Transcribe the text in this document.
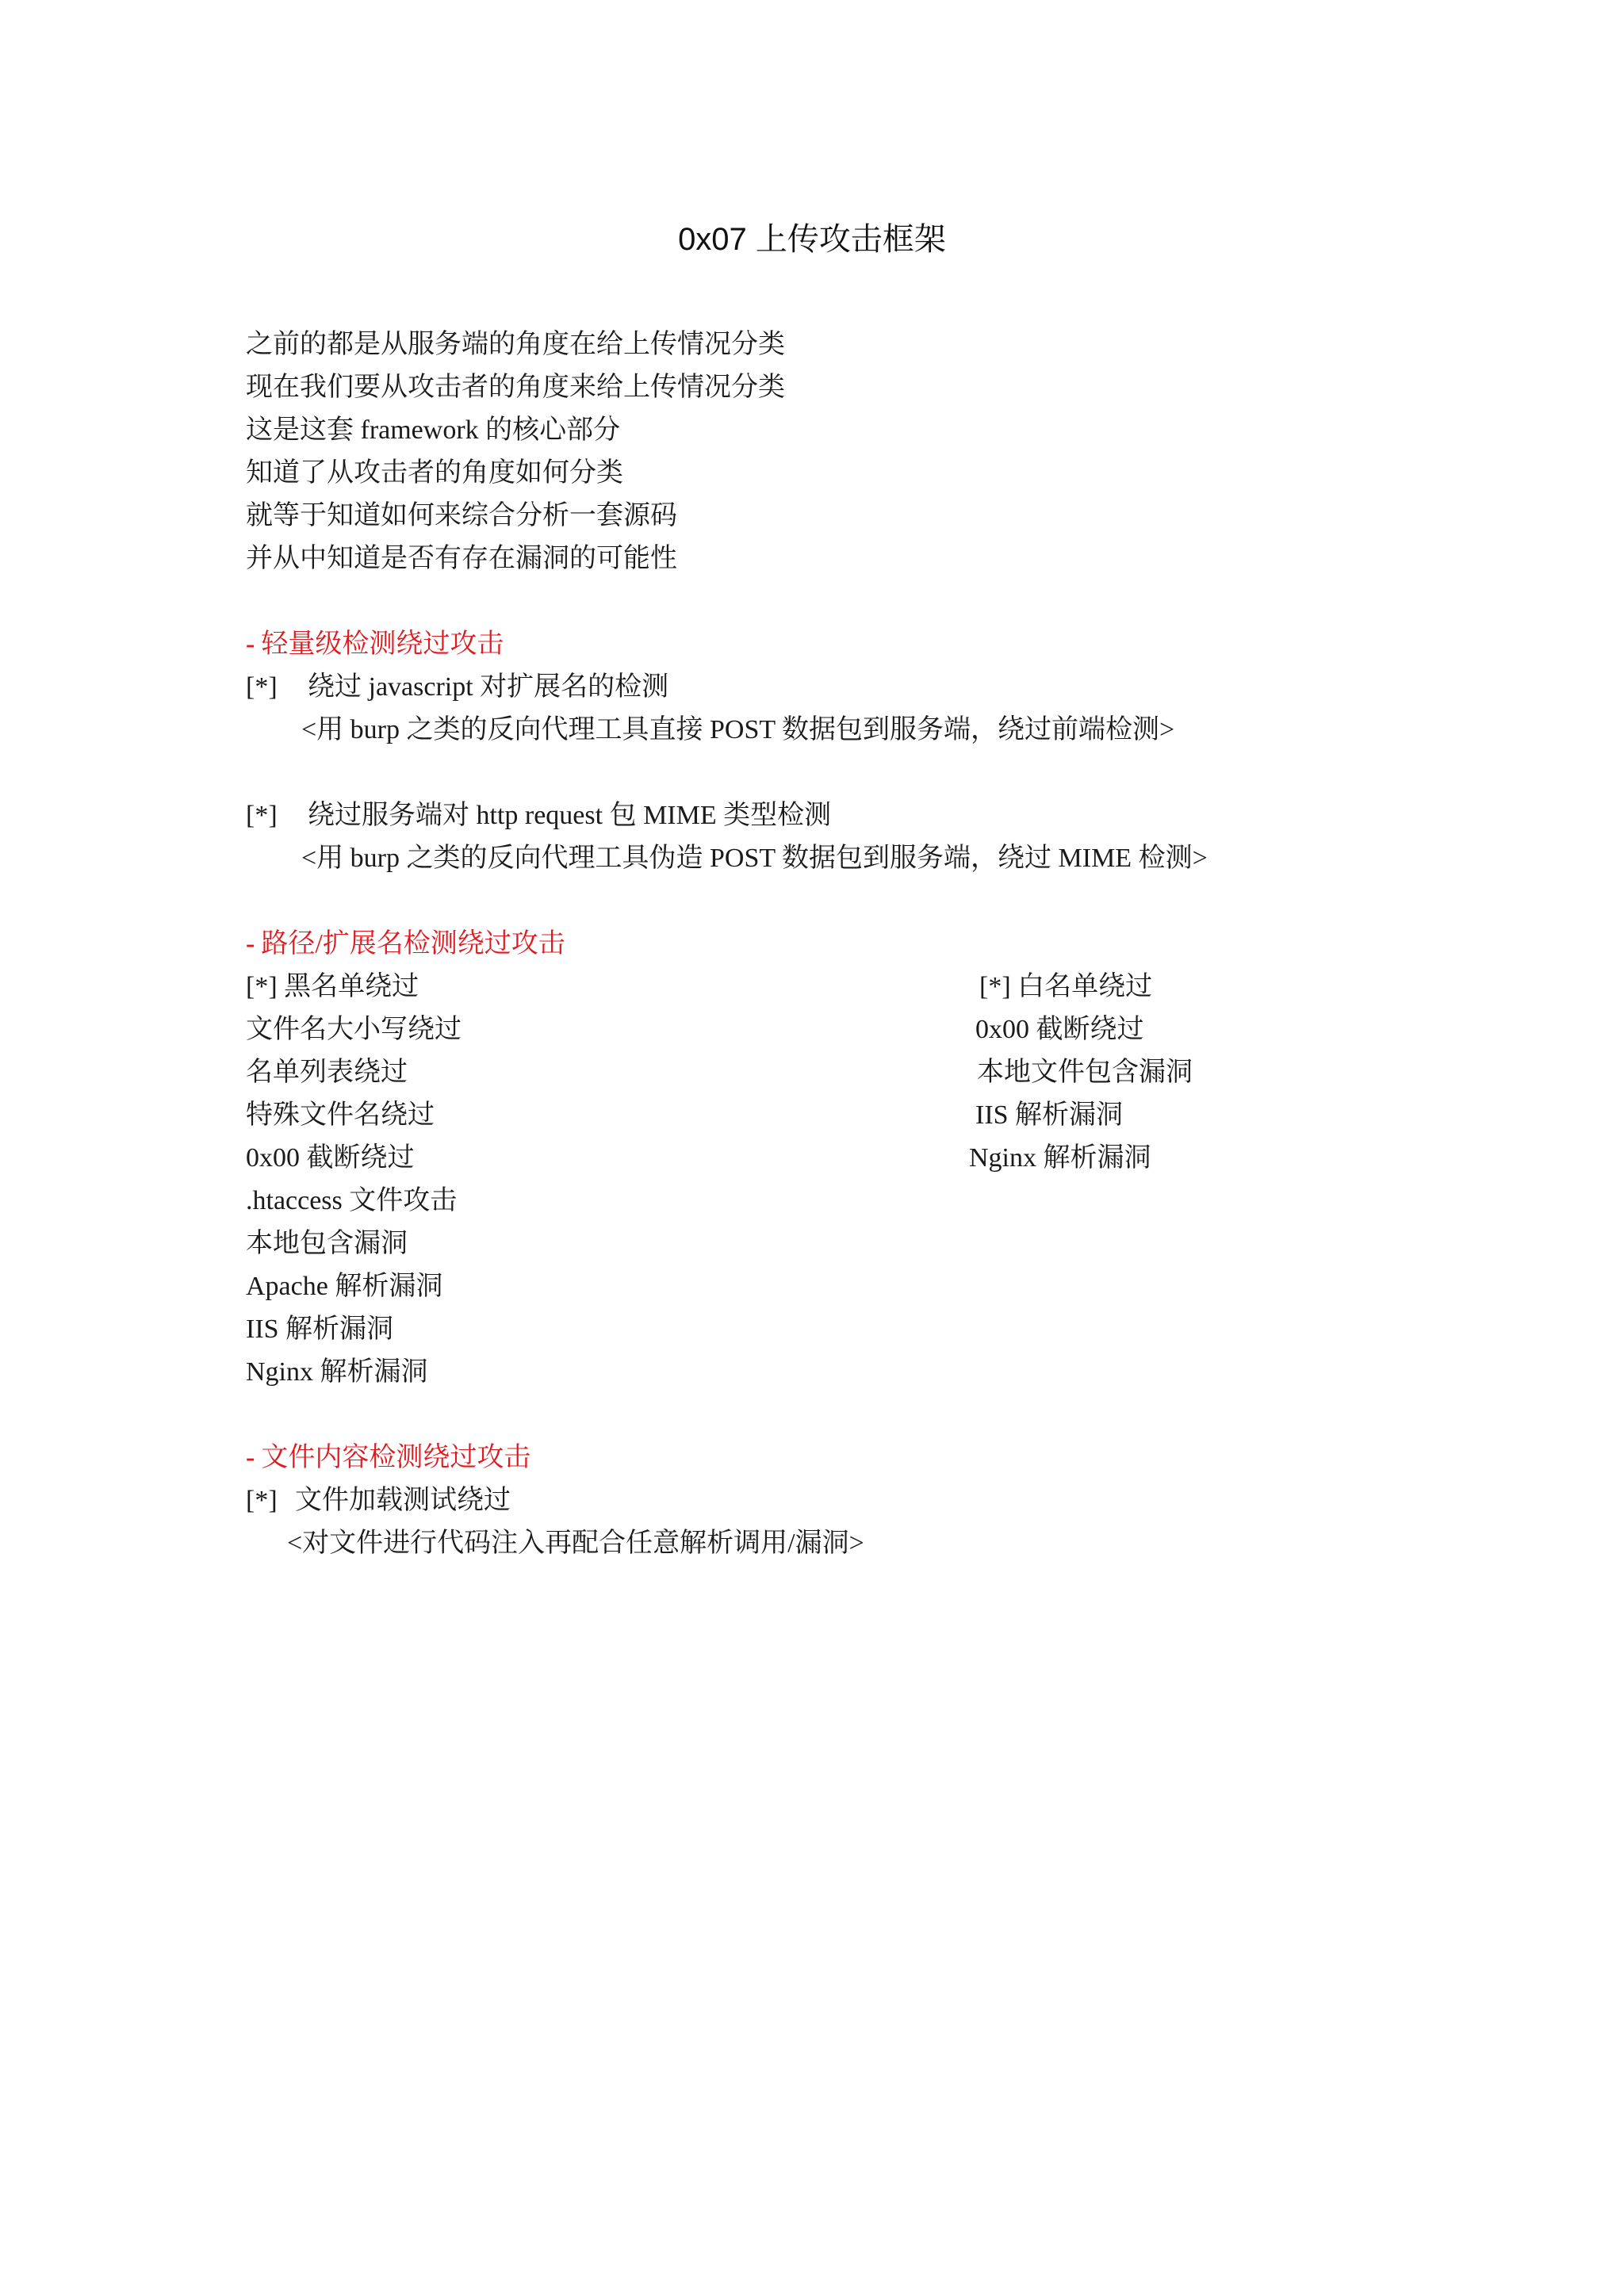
0x07 上传攻击框架
之前的都是从服务端的角度在给上传情况分类
现在我们要从攻击者的角度来给上传情况分类
这是这套 framework 的核心部分
知道了从攻击者的角度如何分类
就等于知道如何来综合分析一套源码
并从中知道是否有存在漏洞的可能性
- 轻量级检测绕过攻击
[*] 绕过 javascript 对扩展名的检测
<用 burp 之类的反向代理工具直接 POST 数据包到服务端，绕过前端检测>
[*] 绕过服务端对 http request 包 MIME 类型检测
<用 burp 之类的反向代理工具伪造 POST 数据包到服务端，绕过 MIME 检测>
- 路径/扩展名检测绕过攻击
[*] 黑名单绕过	[*] 白名单绕过
文件名大小写绕过	0x00 截断绕过
名单列表绕过	本地文件包含漏洞
特殊文件名绕过	IIS 解析漏洞
0x00 截断绕过	Nginx 解析漏洞
.htaccess 文件攻击
本地包含漏洞
Apache 解析漏洞
IIS 解析漏洞
Nginx 解析漏洞
- 文件内容检测绕过攻击
[*] 文件加载测试绕过
<对文件进行代码注入再配合任意解析调用/漏洞>
